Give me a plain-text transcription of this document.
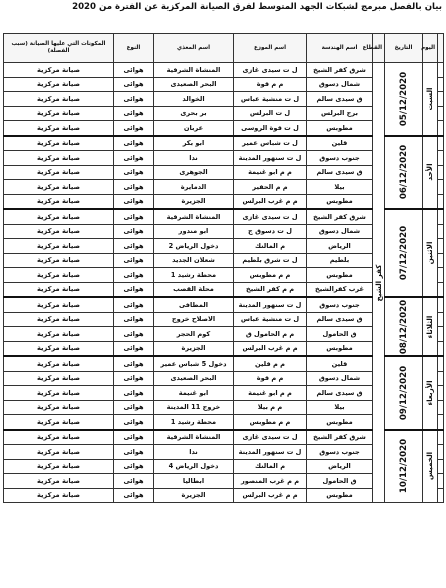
بيان بالفصل مبرمج لشبكات الجهد المتوسط لفرق الصيانة المركزية عن الفترة من 2020
	اليوم	التاريخ	القطاع	اسم الهندسة	اسم الموزع	اسم المغذي	النوع	المكونات التي عليها الصيانة (سبب الفصلة)

	السبت	05/12/2020	كفر الشيخ	شرق كفر الشيخ	ل ت سيدى غازى	المنشاة الشرقية	هوائى	صيانة مركزية
				شمال دسوق	م م قوة	البحر الصعيدى	هوائى	صيانة مركزية
				ق سيدى سالم	ل ت منشية عباس	الخوالد	هوائى	صيانة مركزية
				برج البرلس	ل ت البرلس	بر بحرى	هوائى	صيانة مركزية
				مطوبس	ل ت قوة الروسى	عربان	هوائى	صيانة مركزية

	الأحد	06/12/2020		قلين	ل ت شباس عمير	ابو بكر	هوائى	صيانة مركزية
				جنوب دسوق	ل ت سنهور المدينة	ندا	هوائى	صيانة مركزية
				ق سيدى سالم	م م ابو غنيمة	الجوهرى	هوائى	صيانة مركزية
				بيلا	م م الحفير	الدمايرة	هوائى	صيانة مركزية
				مطوبس	م م غرب البرلس	الجزيرة	هوائى	صيانة مركزية

	الاثنين	07/12/2020		شرق كفر الشيخ	ل ت سيدى غازى	المنشاة الشرقية	هوائى	صيانة مركزية
				شمال دسوق	ل ت دسوق ج	ابو مندور	هوائى	صيانة مركزية
				الرياض	م المالنك	دخول الرياض 2	هوائى	صيانة مركزية
				بلطيم	ل ت شرق بلطيم	شعلان الجديد	هوائى	صيانة مركزية
				مطوبس	م م مطوبس	محطة رشيد 1	هوائى	صيانة مركزية
				غرب كفرالشيخ	م م كفر الشيخ	محلة القصب	هوائى	صيانة مركزية

	الثلاثاء	08/12/2020		جنوب دسوق	ل ت سنهور المدينة	المطافى	هوائى	صيانة مركزية
				ق سيدى سالم	ل ت منشية عباس	الاصلاح خروج	هوائى	صيانة مركزية
				ق الحامول	م م الحامول ق	كوم الحجر	هوائى	صيانة مركزية
				مطوبس	م م غرب البرلس	الجزيرة	هوائى	صيانة مركزية

	الأربعاء	09/12/2020		قلين	م م قلين	دخول 5 شباس عمير	هوائى	صيانة مركزية
				شمال دسوق	م م قوة	البحر الصعيدى	هوائى	صيانة مركزية
				ق سيدى سالم	م م ابو غنيمة	ابو غنيمة	هوائى	صيانة مركزية
				بيلا	م م بيلا	خروج 11 المدينة	هوائى	صيانة مركزية
				مطوبس	م م مطوبس	محطة رشيد 1	هوائى	صيانة مركزية

	الخميس	10/12/2020		شرق كفر الشيخ	ل ت سيدى غازى	المنشاة الشرقية	هوائى	صيانة مركزية
				جنوب دسوق	ل ت سنهور المدينة	ندا	هوائى	صيانة مركزية
				الرياض	م المالنك	دخول الرياض 4	هوائى	صيانة مركزية
				ق الحامول	م م غرب المنصور	ابطاليا	هوائى	صيانة مركزية
				مطوبس	م م غرب البرلس	الجزيرة	هوائى	صيانة مركزية
